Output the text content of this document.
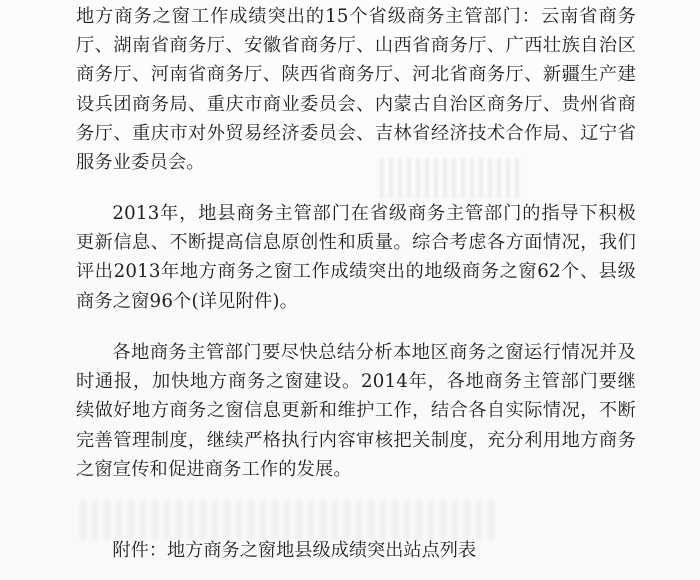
地方商务之窗工作成绩突出的15个省级商务主管部门：云南省商务厅、湖南省商务厅、安徽省商务厅、山西省商务厅、广西壮族自治区商务厅、河南省商务厅、陕西省商务厅、河北省商务厅、新疆生产建设兵团商务局、重庆市商业委员会、内蒙古自治区商务厅、贵州省商务厅、重庆市对外贸易经济委员会、吉林省经济技术合作局、辽宁省服务业委员会。

2013年，地县商务主管部门在省级商务主管部门的指导下积极更新信息、不断提高信息原创性和质量。综合考虑各方面情况，我们评出2013年地方商务之窗工作成绩突出的地级商务之窗62个、县级商务之窗96个(详见附件)。

各地商务主管部门要尽快总结分析本地区商务之窗运行情况并及时通报，加快地方商务之窗建设。2014年，各地商务主管部门要继续做好地方商务之窗信息更新和维护工作，结合各自实际情况，不断完善管理制度，继续严格执行内容审核把关制度，充分利用地方商务之窗宣传和促进商务工作的发展。

附件：地方商务之窗地县级成绩突出站点列表
